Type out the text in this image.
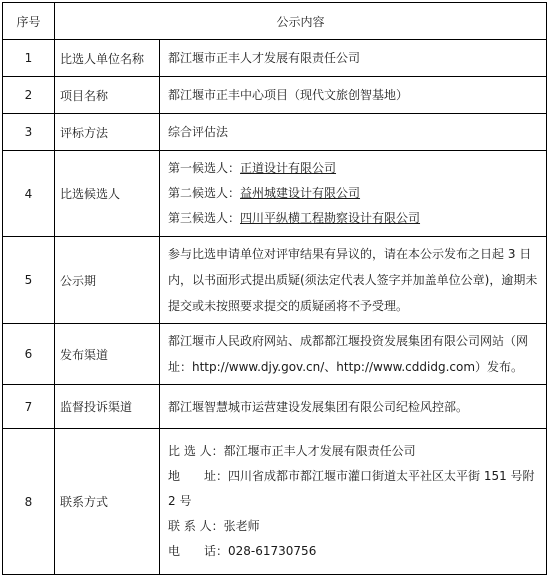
序号	公示内容	
1	比选人单位名称	都江堰市正丰人才发展有限责任公司
2	项目名称	都江堰市正丰中心项目（现代文旅创智基地）
3	评标方法	综合评估法
4	比选候选人	第一候选人：正道设计有限公司
第二候选人：益州城建设计有限公司
第三候选人：四川平纵横工程勘察设计有限公司

5	公示期	参与比选申请单位对评审结果有异议的，请在本公示发布之日起 3 日内，以书面形式提出质疑(须法定代表人签字并加盖单位公章)，逾期未提交或未按照要求提交的质疑函将不予受理。
6	发布渠道	都江堰市人民政府网站、成都都江堰投资发展集团有限公司网站（网址：http://www.djy.gov.cn/、http://www.cddidg.com）发布。
7	监督投诉渠道	都江堰智慧城市运营建设发展集团有限公司纪检风控部。
8	联系方式	比 选 人：都江堰市正丰人才发展有限责任公司
地　　址：四川省成都市都江堰市灌口街道太平社区太平街 151 号附 2 号
联 系 人：张老师
电　　话：028-61730756
